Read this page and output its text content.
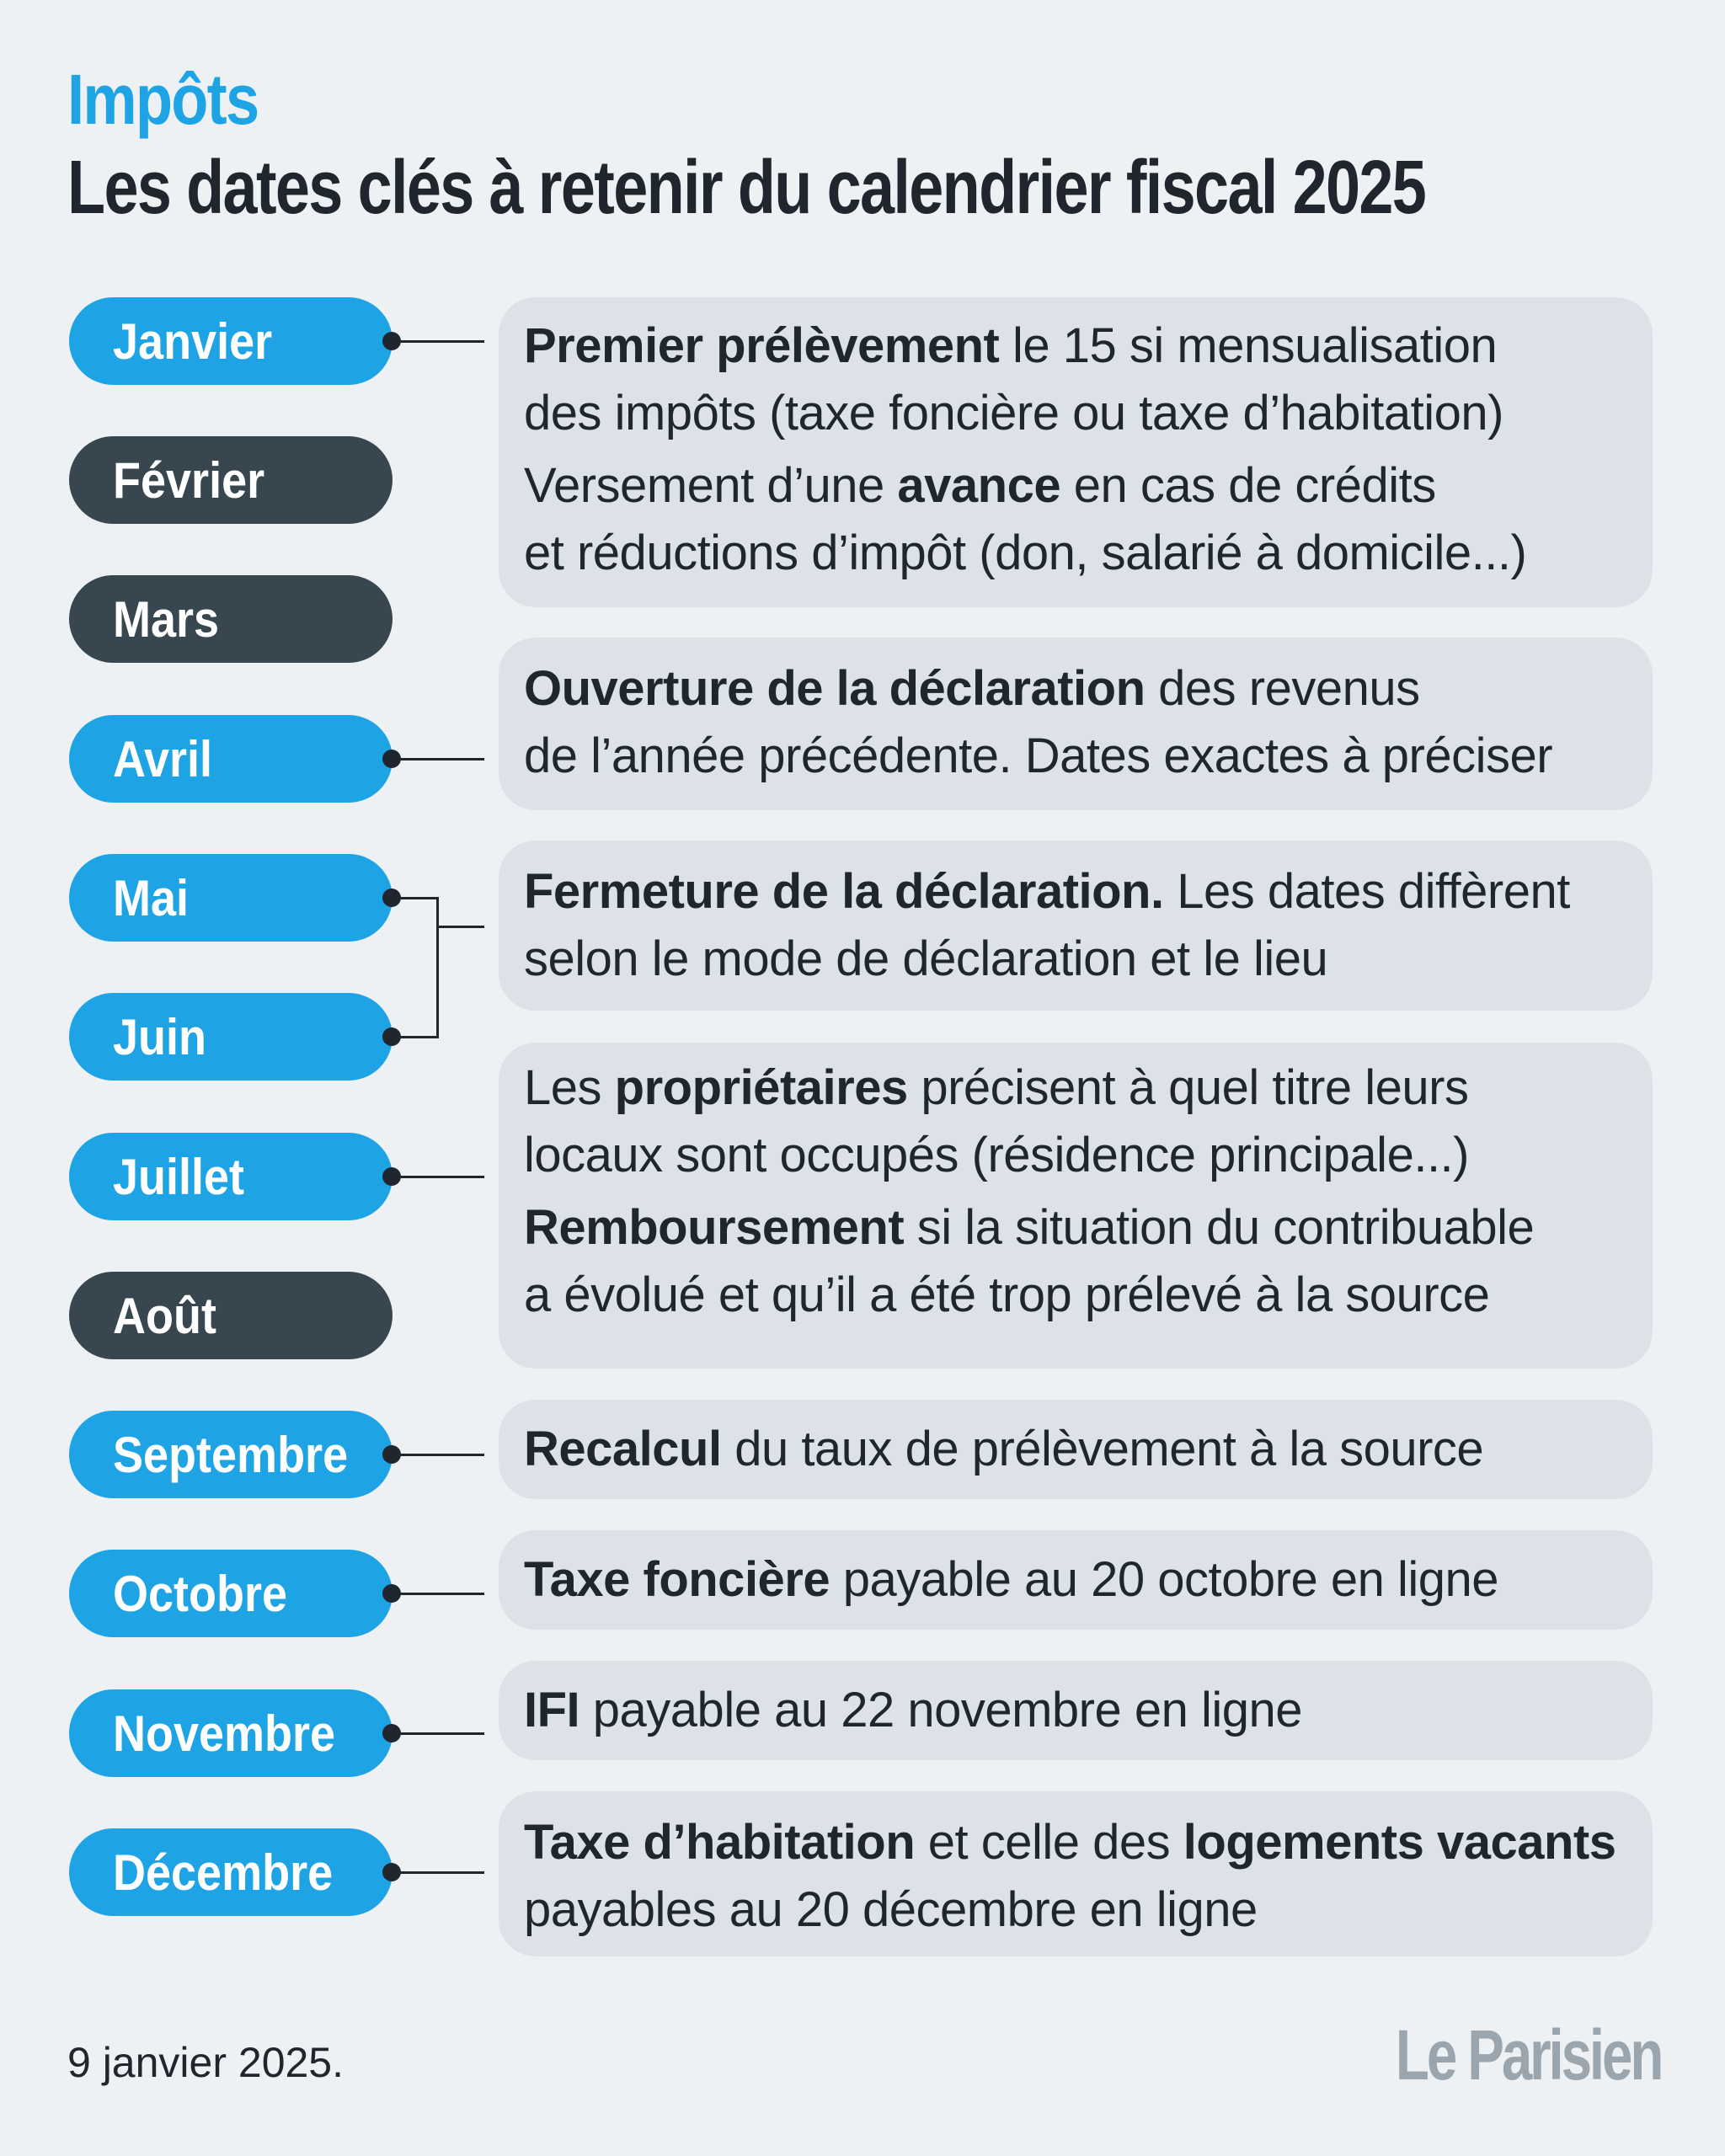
Impôts
Les dates clés à retenir du calendrier fiscal 2025
Janvier
Février
Mars
Avril
Mai
Juin
Juillet
Août
Septembre
Octobre
Novembre
Décembre
Premier prélèvement le 15 si mensualisation
des impôts (taxe foncière ou taxe d’habitation)
Versement d’une avance en cas de crédits
et réductions d’impôt (don, salarié à domicile...)
Ouverture de la déclaration des revenus
de l’année précédente. Dates exactes à préciser
Fermeture de la déclaration. Les dates diffèrent
selon le mode de déclaration et le lieu
Les propriétaires précisent à quel titre leurs
locaux sont occupés (résidence principale...)
Remboursement si la situation du contribuable
a évolué et qu’il a été trop prélevé à la source
Recalcul du taux de prélèvement à la source
Taxe foncière payable au 20 octobre en ligne
IFI payable au 22 novembre en ligne
Taxe d’habitation et celle des logements vacants
payables au 20 décembre en ligne
9 janvier 2025.	Le Parisien
